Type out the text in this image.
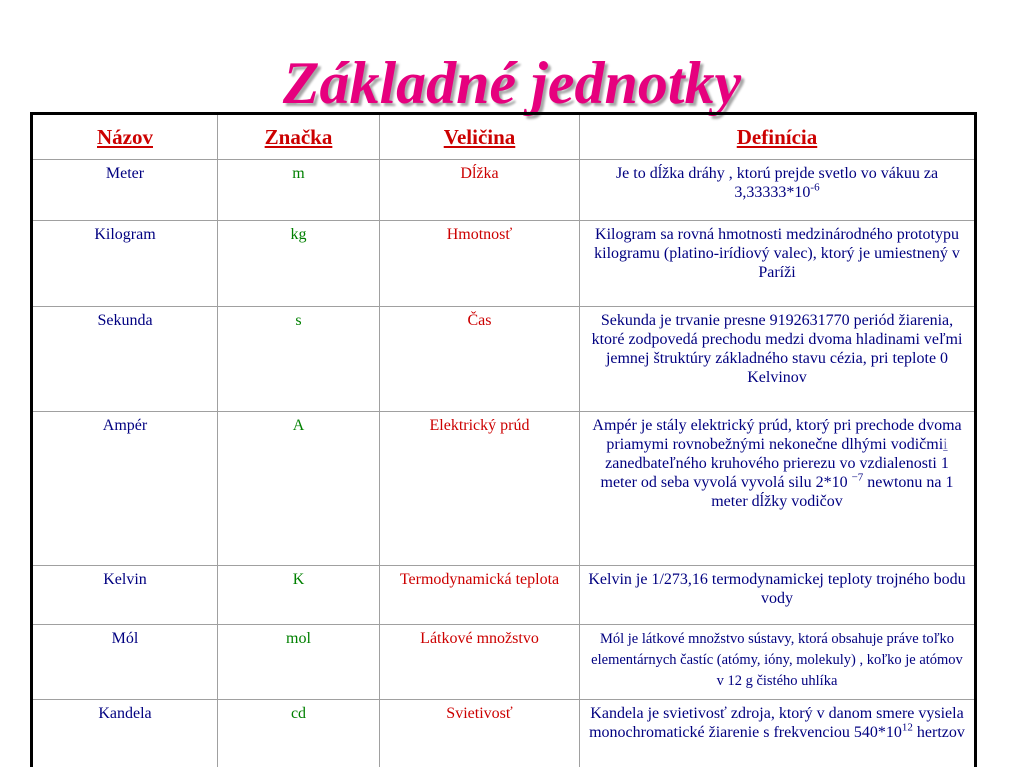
Základné jednotky
Názov	Značka	Veličina	Definícia
Meter	m	Dĺžka	Je to dĺžka dráhy , ktorú prejde svetlo vo vákuu za $3,33333*10^{-6}$
Kilogram	kg	Hmotnosť	Kilogram sa rovná hmotnosti medzinárodného prototypu kilogramu (platino-irídiový valec), ktorý je umiestnený v Paríži
Sekunda	s	Čas	Sekunda je trvanie presne 9192631770 periód žiarenia, ktoré zodpovedá prechodu medzi dvoma hladinami veľmi jemnej štruktúry základného stavu cézia, pri teplote 0 Kelvinov
Ampér	A	Elektrický prúd	Ampér je stály elektrický prúd, ktorý pri prechode dvoma priamymi rovnobežnými nekonečne dlhými vodičmii zanedbateľného kruhového prierezu vo vzdialenosti 1 meter od seba vyvolá vyvolá silu 2*10 $^{-7}$ newtonu na 1 meter dĺžky vodičov
Kelvin	K	Termodynamická teplota	Kelvin je 1/273,16 termodynamickej teploty trojného bodu vody
Mól	mol	Látkové množstvo	Mól je látkové množstvo sústavy, ktorá obsahuje práve toľko elementárnych častíc (atómy, ióny, molekuly) , koľko je atómov v 12 g čistého uhlíka
Kandela	cd	Svietivosť	Kandela je svietivosť zdroja, ktorý v danom smere vysiela monochromatické žiarenie s frekvenciou $540*10^{12}$ hertzov
